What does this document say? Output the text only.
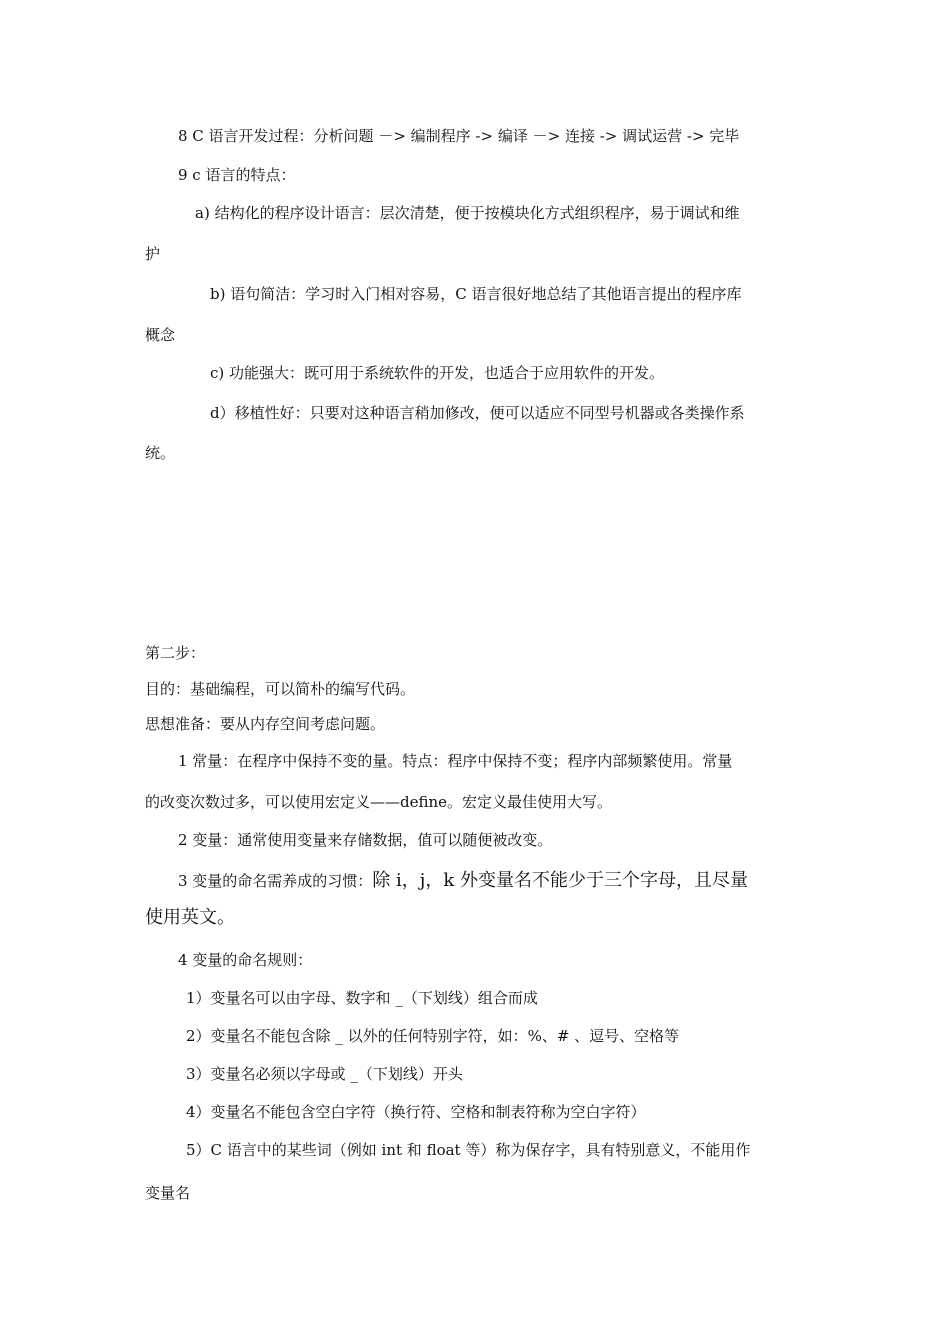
8 C 语言开发过程：分析问题 －> 编制程序 -> 编译 －> 连接 -> 调试运营 -> 完毕
9 c 语言的特点：
a) 结构化的程序设计语言：层次清楚，便于按模块化方式组织程序，易于调试和维
护
b) 语句简洁：学习时入门相对容易，C 语言很好地总结了其他语言提出的程序库
概念
c) 功能强大：既可用于系统软件的开发，也适合于应用软件的开发。
d）移植性好：只要对这种语言稍加修改，便可以适应不同型号机器或各类操作系
统。
第二步：
目的：基础编程，可以简朴的编写代码。
思想准备：要从内存空间考虑问题。
1 常量：在程序中保持不变的量。特点：程序中保持不变；程序内部频繁使用。常量
的改变次数过多，可以使用宏定义——define。宏定义最佳使用大写。
2 变量：通常使用变量来存储数据，值可以随便被改变。
3 变量的命名需养成的习惯：除 i，j，k 外变量名不能少于三个字母，且尽量
使用英文。
4 变量的命名规则：
1）变量名可以由字母、数字和 _（下划线）组合而成
2）变量名不能包含除 _ 以外的任何特别字符，如：%、# 、逗号、空格等
3）变量名必须以字母或 _（下划线）开头
4）变量名不能包含空白字符（换行符、空格和制表符称为空白字符）
5）C 语言中的某些词（例如 int 和 float 等）称为保存字，具有特别意义，不能用作
变量名
